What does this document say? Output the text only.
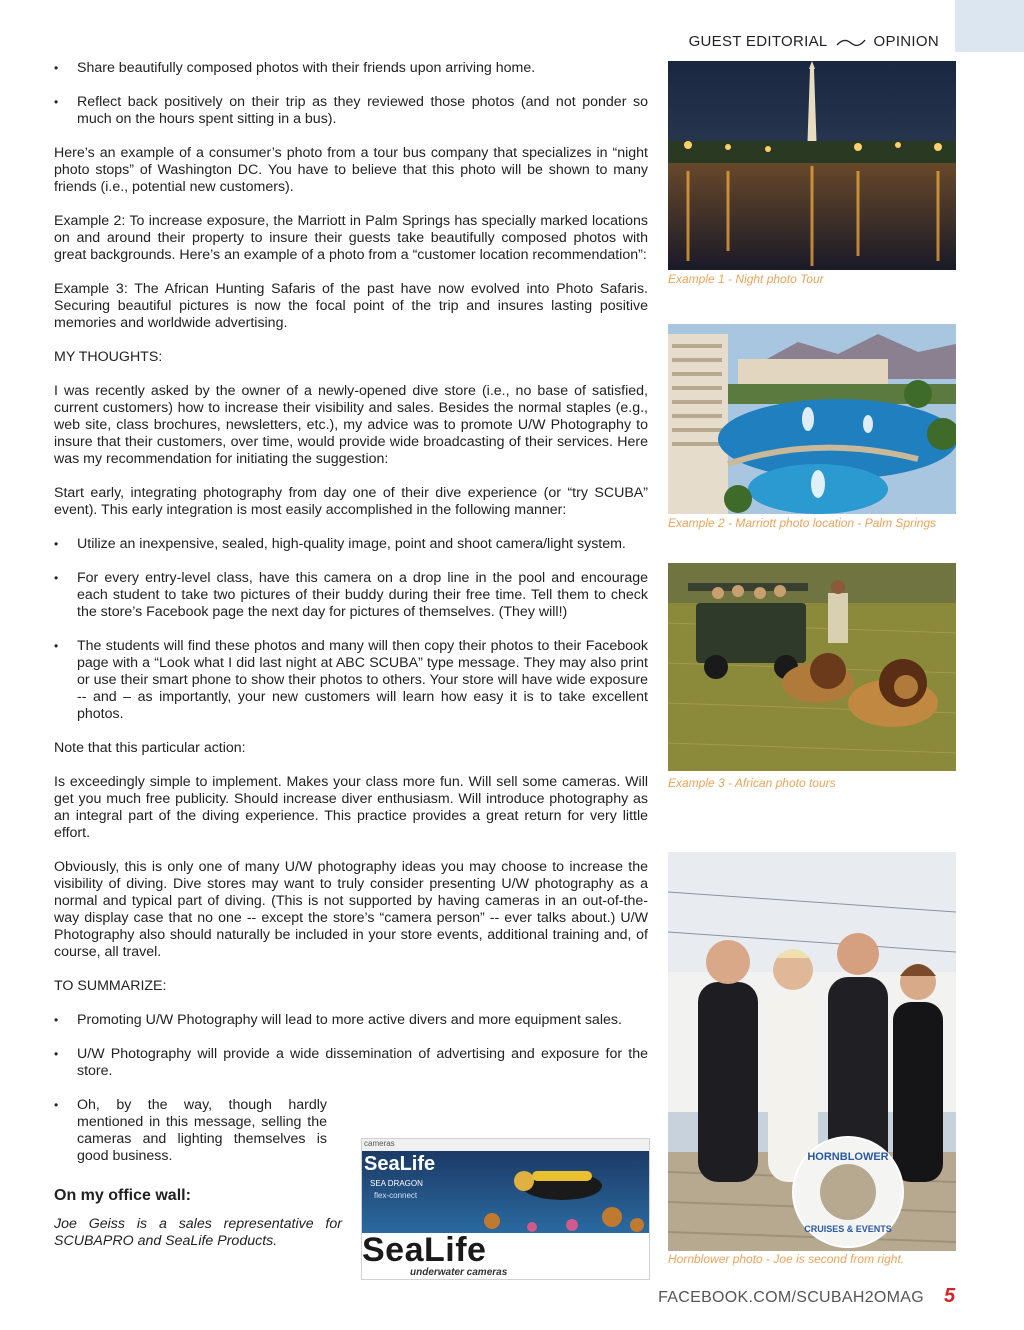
GUEST EDITORIAL	OPINION
• Share beautifully composed photos with their friends upon arriving home.
• Reflect back positively on their trip as they reviewed those photos (and not ponder so much on the hours spent sitting in a bus).

Here’s an example of a consumer’s photo from a tour bus company that specializes in “night photo stops” of Washington DC. You have to believe that this photo will be shown to many friends (i.e., potential new customers).

Example 2: To increase exposure, the Marriott in Palm Springs has specially marked locations on and around their property to insure their guests take beautifully composed photos with great backgrounds. Here’s an example of a photo from a “customer location recommendation”:

Example 3: The African Hunting Safaris of the past have now evolved into Photo Safaris. Securing beautiful pictures is now the focal point of the trip and insures lasting positive memories and worldwide advertising.

MY THOUGHTS:

I was recently asked by the owner of a newly-opened dive store (i.e., no base of satisfied, current customers) how to increase their visibility and sales. Besides the normal staples (e.g., web site, class brochures, newsletters, etc.), my advice was to promote U/W Photography to insure that their customers, over time, would provide wide broadcasting of their services. Here was my recommendation for initiating the suggestion:

Start early, integrating photography from day one of their dive experience (or “try SCUBA” event). This early integration is most easily accomplished in the following manner:

• Utilize an inexpensive, sealed, high-quality image, point and shoot camera/light system.
• For every entry-level class, have this camera on a drop line in the pool and encourage each student to take two pictures of their buddy during their free time. Tell them to check the store’s Facebook page the next day for pictures of themselves. (They will!)
• The students will find these photos and many will then copy their photos to their Facebook page with a “Look what I did last night at ABC SCUBA” type message. They may also print or use their smart phone to show their photos to others. Your store will have wide exposure -- and – as importantly, your new customers will learn how easy it is to take excellent photos.

Note that this particular action:

Is exceedingly simple to implement. Makes your class more fun. Will sell some cameras. Will get you much free publicity. Should increase diver enthusiasm. Will introduce photography as an integral part of the diving experience. This practice provides a great return for very little effort.

Obviously, this is only one of many U/W photography ideas you may choose to increase the visibility of diving. Dive stores may want to truly consider presenting U/W photography as a normal and typical part of diving. (This is not supported by having cameras in an out-of-the-way display case that no one -- except the store’s “camera person” -- ever talks about.) U/W Photography also should naturally be included in your store events, additional training and, of course, all travel.

TO SUMMARIZE:

• Promoting U/W Photography will lead to more active divers and more equipment sales.
• U/W Photography will provide a wide dissemination of advertising and exposure for the store.
• Oh, by the way, though hardly mentioned in this message, selling the cameras and lighting themselves is good business.
On my office wall:
Joe Geiss is a sales representative for SCUBAPRO and SeaLife Products.
Example 1 - Night photo Tour
Example 2 - Marriott photo location - Palm Springs
Example 3 - African photo tours
HORNBLOWER
CRUISES & EVENTS
Hornblower photo - Joe is second from right.
cameras
SeaLife
SEA DRAGON
flex-connect
SeaLife
underwater cameras
FACEBOOK.COM/SCUBAH2OMAG 5
